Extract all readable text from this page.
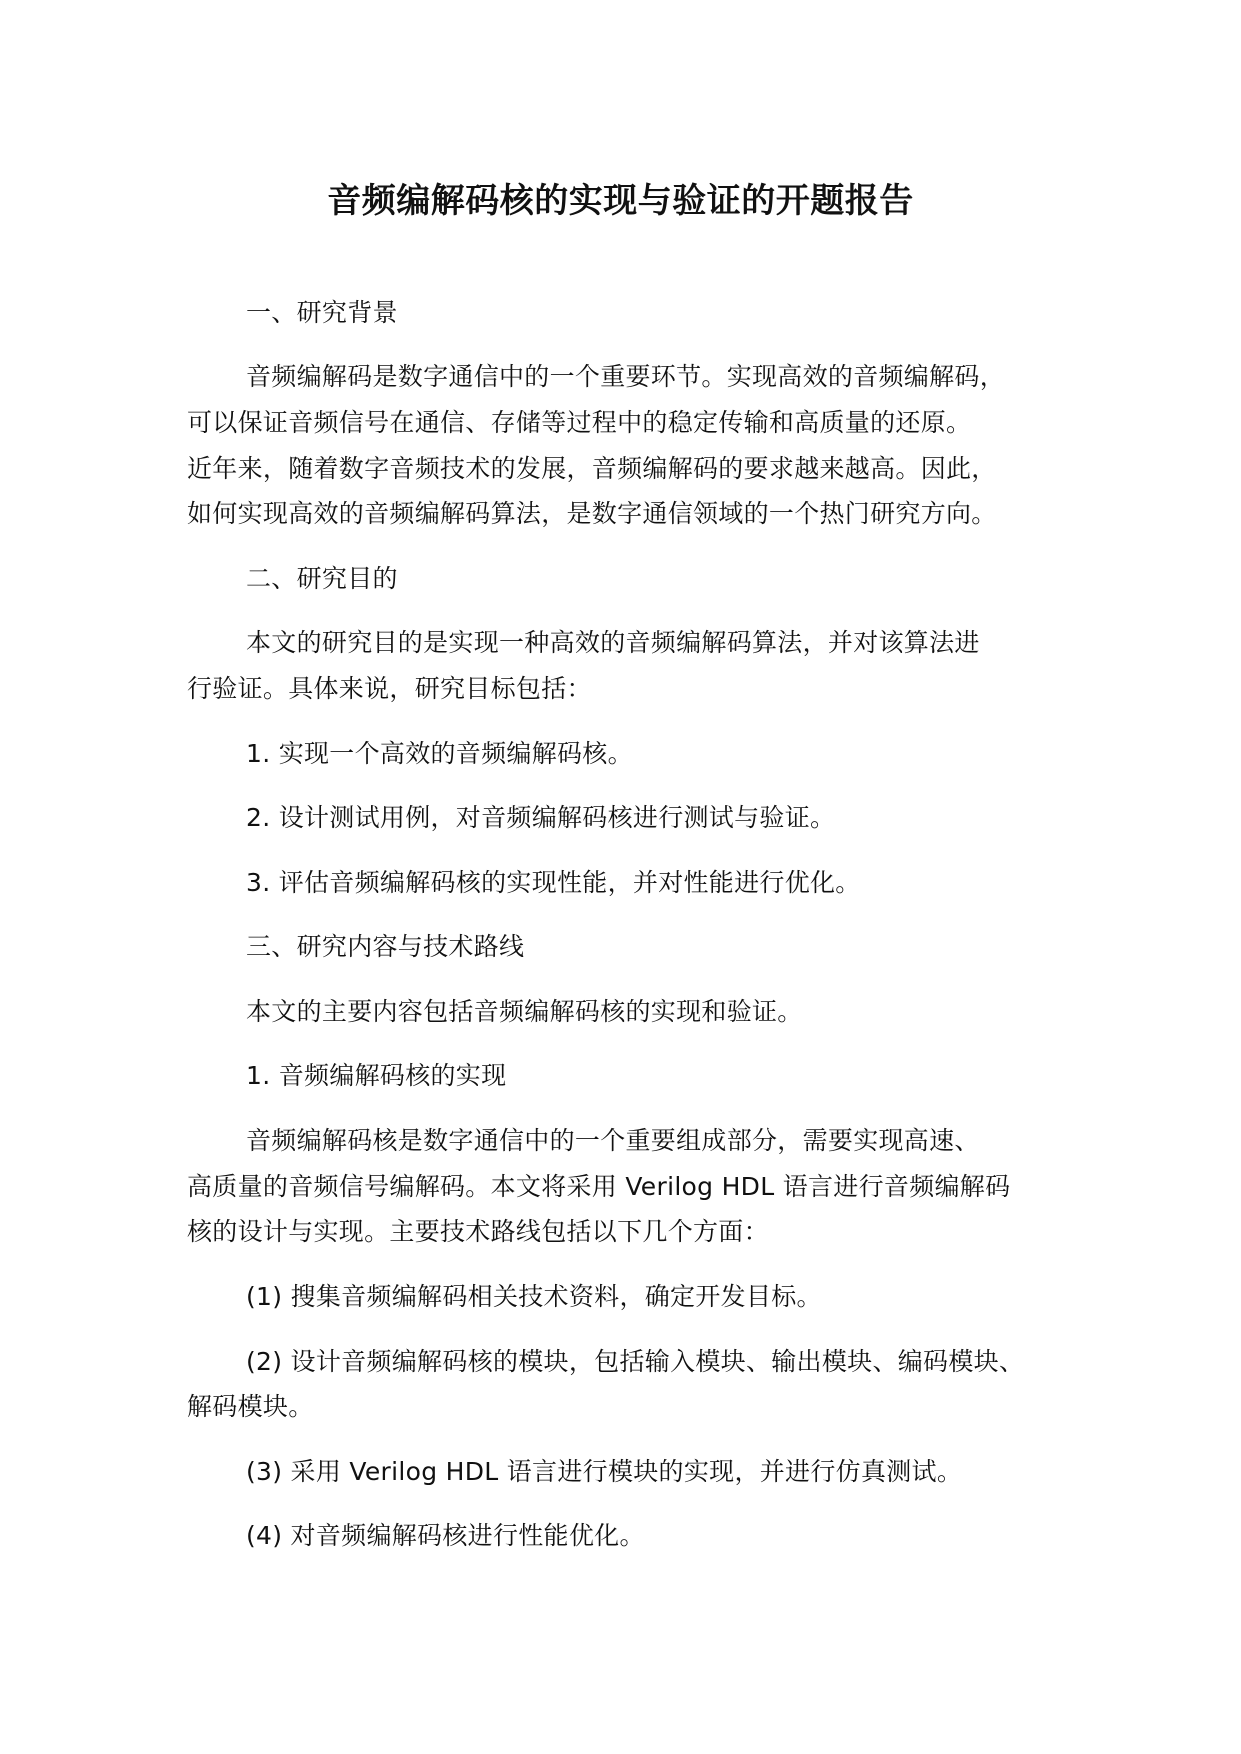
音频编解码核的实现与验证的开题报告
一、研究背景
音频编解码是数字通信中的一个重要环节。实现高效的音频编解码，
可以保证音频信号在通信、存储等过程中的稳定传输和高质量的还原。
近年来，随着数字音频技术的发展，音频编解码的要求越来越高。因此，
如何实现高效的音频编解码算法，是数字通信领域的一个热门研究方向。
二、研究目的
本文的研究目的是实现一种高效的音频编解码算法，并对该算法进
行验证。具体来说，研究目标包括：
1. 实现一个高效的音频编解码核。
2. 设计测试用例，对音频编解码核进行测试与验证。
3. 评估音频编解码核的实现性能，并对性能进行优化。
三、研究内容与技术路线
本文的主要内容包括音频编解码核的实现和验证。
1. 音频编解码核的实现
音频编解码核是数字通信中的一个重要组成部分，需要实现高速、
高质量的音频信号编解码。本文将采用 Verilog HDL 语言进行音频编解码
核的设计与实现。主要技术路线包括以下几个方面：
(1) 搜集音频编解码相关技术资料，确定开发目标。
(2) 设计音频编解码核的模块，包括输入模块、输出模块、编码模块、
解码模块。
(3) 采用 Verilog HDL 语言进行模块的实现，并进行仿真测试。
(4) 对音频编解码核进行性能优化。
